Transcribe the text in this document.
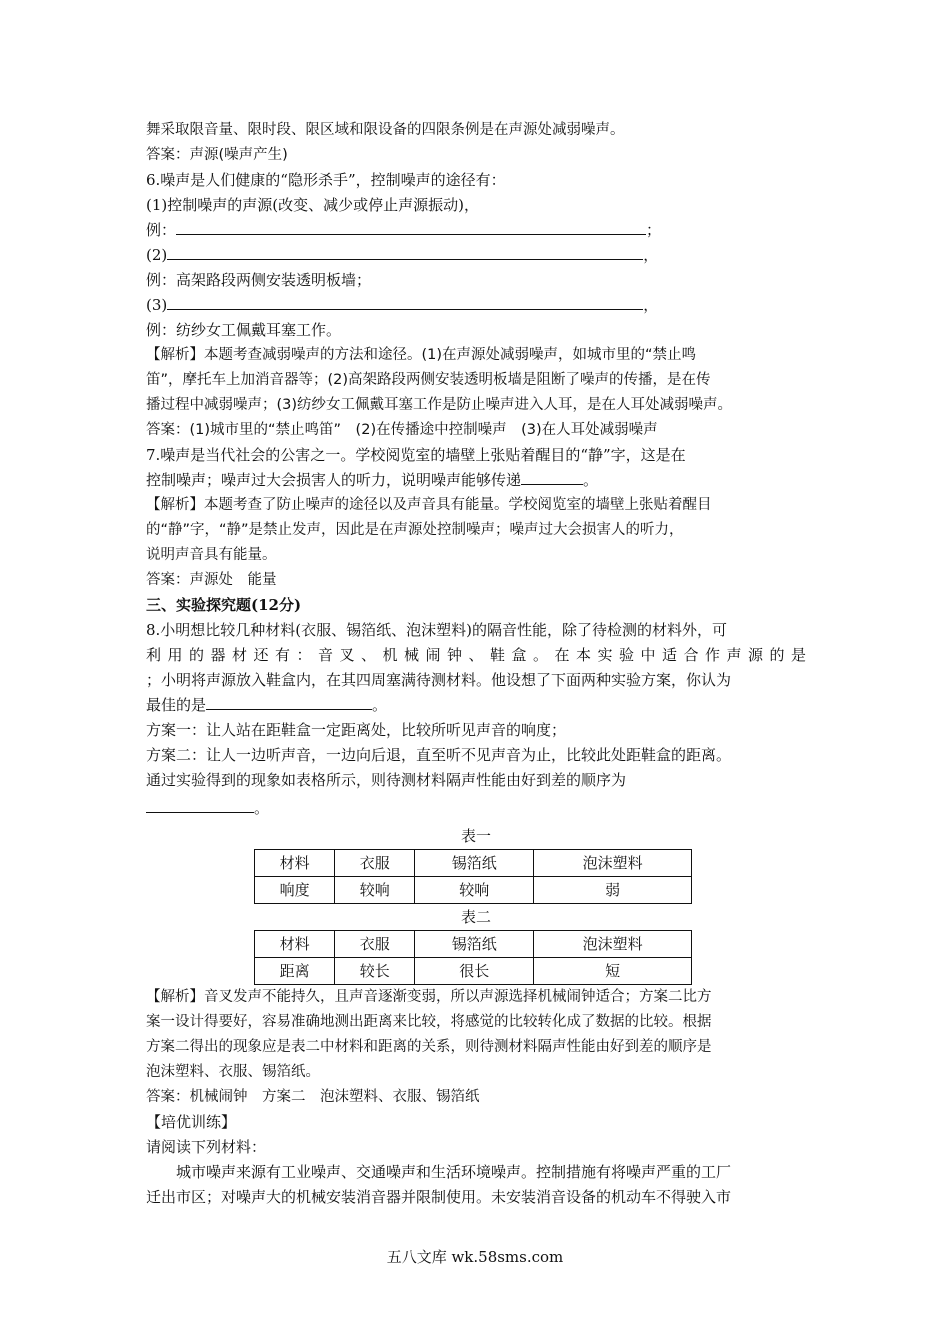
舞采取限音量、限时段、限区域和限设备的四限条例是在声源处减弱噪声。
答案：声源(噪声产生)
6.噪声是人们健康的“隐形杀手”，控制噪声的途径有：
(1)控制噪声的声源(改变、减少或停止声源振动)，
例：	；
(2)	，
例：高架路段两侧安装透明板墙；
(3)	，
例：纺纱女工佩戴耳塞工作。
【解析】本题考查减弱噪声的方法和途径。(1)在声源处减弱噪声，如城市里的“禁止鸣
笛”，摩托车上加消音器等；(2)高架路段两侧安装透明板墙是阻断了噪声的传播，是在传
播过程中减弱噪声；(3)纺纱女工佩戴耳塞工作是防止噪声进入人耳，是在人耳处减弱噪声。
答案：(1)城市里的“禁止鸣笛”　(2)在传播途中控制噪声　(3)在人耳处减弱噪声
7.噪声是当代社会的公害之一。学校阅览室的墙壁上张贴着醒目的“静”字，这是在
控制噪声；噪声过大会损害人的听力，说明噪声能够传递	。
【解析】本题考查了防止噪声的途径以及声音具有能量。学校阅览室的墙壁上张贴着醒目
的“静”字，“静”是禁止发声，因此是在声源处控制噪声；噪声过大会损害人的听力，
说明声音具有能量。
答案：声源处　能量
三、实验探究题(12分)
8.小明想比较几种材料(衣服、锡箔纸、泡沫塑料)的隔音性能，除了待检测的材料外，可
利用的器材还有：音叉、机械闹钟、鞋盒。在本实验中适合作声源的是
；小明将声源放入鞋盒内，在其四周塞满待测材料。他设想了下面两种实验方案，你认为
最佳的是	。
方案一：让人站在距鞋盒一定距离处，比较所听见声音的响度；
方案二：让人一边听声音，一边向后退，直至听不见声音为止，比较此处距鞋盒的距离。
通过实验得到的现象如表格所示，则待测材料隔声性能由好到差的顺序为
。
表一
材料	衣服	锡箔纸	泡沫塑料
响度	较响	较响	弱
表二
材料	衣服	锡箔纸	泡沫塑料
距离	较长	很长	短
【解析】音叉发声不能持久，且声音逐渐变弱，所以声源选择机械闹钟适合；方案二比方
案一设计得要好，容易准确地测出距离来比较，将感觉的比较转化成了数据的比较。根据
方案二得出的现象应是表二中材料和距离的关系，则待测材料隔声性能由好到差的顺序是
泡沫塑料、衣服、锡箔纸。
答案：机械闹钟　方案二　泡沫塑料、衣服、锡箔纸
【培优训练】
请阅读下列材料：
城市噪声来源有工业噪声、交通噪声和生活环境噪声。控制措施有将噪声严重的工厂
迁出市区；对噪声大的机械安装消音器并限制使用。未安装消音设备的机动车不得驶入市
五八文库 wk.58sms.com
